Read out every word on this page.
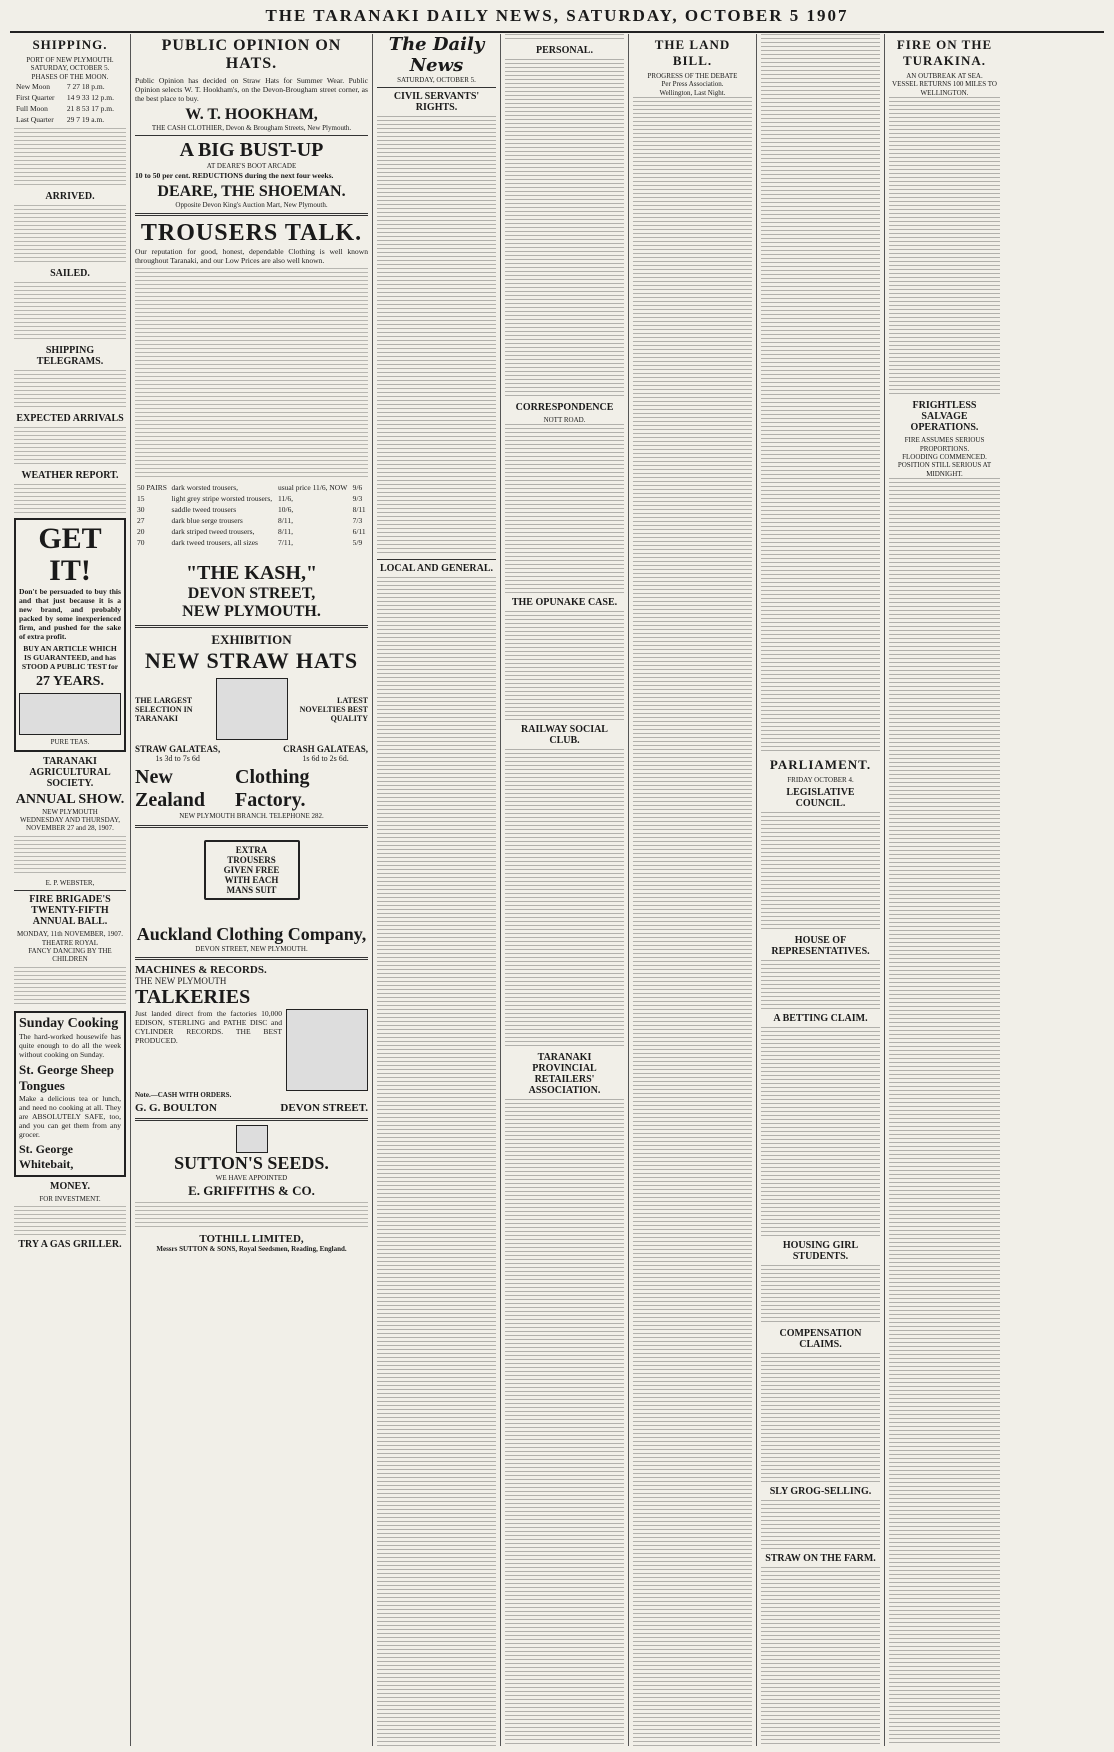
THE TARANAKI DAILY NEWS, SATURDAY, OCTOBER 5 1907
SHIPPING.
PORT OF NEW PLYMOUTH.
SATURDAY, OCTOBER 5.
PHASES OF THE MOON.
New Moon	7 27 18 p.m.
First Quarter	14 9 33 12 p.m.
Full Moon	21 8 53 17 p.m.
Last Quarter	29 7 19 a.m.
ARRIVED.
SAILED.
SHIPPING TELEGRAMS.
EXPECTED ARRIVALS
WEATHER REPORT.
GET IT!

Don't be persuaded to buy this and that just because it is a new brand, and probably packed by some inexperienced firm, and pushed for the sake of extra profit.

BUY AN ARTICLE WHICH IS GUARANTEED, and has STOOD A PUBLIC TEST for

27 YEARS.
PURE TEAS.
TARANAKI AGRICULTURAL SOCIETY.
ANNUAL SHOW.
NEW PLYMOUTH
WEDNESDAY AND THURSDAY, NOVEMBER 27 and 28, 1907.
E. P. WEBSTER,
FIRE BRIGADE'S TWENTY-FIFTH ANNUAL BALL.
MONDAY, 11th NOVEMBER, 1907.
THEATRE ROYAL
FANCY DANCING BY THE CHILDREN
Sunday Cooking

The hard-worked housewife has quite enough to do all the week without cooking on Sunday.

St. George Sheep Tongues

Make a delicious tea or lunch, and need no cooking at all. They are ABSOLUTELY SAFE, too, and you can get them from any grocer.

St. George Whitebait,
MONEY.
FOR INVESTMENT.
TRY A GAS GRILLER.
PUBLIC OPINION ON HATS.

Public Opinion has decided on Straw Hats for Summer Wear. Public Opinion selects W. T. Hookham's, on the Devon-Brougham street corner, as the best place to buy.

W. T. HOOKHAM,
THE CASH CLOTHIER, Devon & Brougham Streets, New Plymouth.
A BIG BUST-UP
AT DEARE'S BOOT ARCADE

10 to 50 per cent. REDUCTIONS during the next four weeks.

DEARE, THE SHOEMAN.
Opposite Devon King's Auction Mart, New Plymouth.
TROUSERS TALK.

Our reputation for good, honest, dependable Clothing is well known throughout Taranaki, and our Low Prices are also well known.

50 PAIRS	dark worsted trousers,	usual price 11/6, NOW	9/6
15	light grey stripe worsted trousers,	11/6,	9/3
30	saddle tweed trousers	10/6,	8/11
27	dark blue serge trousers	8/11,	7/3
20	dark striped tweed trousers,	8/11,	6/11
70	dark tweed trousers, all sizes	7/11,	5/9
"THE KASH,"
DEVON STREET,
NEW PLYMOUTH.
EXHIBITION
NEW STRAW HATS
THE LARGEST SELECTION IN TARANAKI
LATEST NOVELTIES BEST QUALITY
STRAW GALATEAS,
1s 3d to 7s 6d
CRASH GALATEAS,
1s 6d to 2s 6d.
New Zealand
Clothing Factory.
NEW PLYMOUTH BRANCH. TELEPHONE 282.
EXTRA TROUSERS GIVEN FREE WITH EACH MANS SUIT
Auckland Clothing Company,
DEVON STREET, NEW PLYMOUTH.
MACHINES & RECORDS.
THE NEW PLYMOUTH
TALKERIES

Just landed direct from the factories 10,000 EDISON, STERLING and PATHE DISC and CYLINDER RECORDS. THE BEST PRODUCED.

Note.—CASH WITH ORDERS.
G. G. BOULTON	DEVON STREET.
SUTTON'S SEEDS.
WE HAVE APPOINTED
E. GRIFFITHS & CO.
TOTHILL LIMITED,
Messrs SUTTON & SONS, Royal Seedsmen, Reading, England.
The Daily News
SATURDAY, OCTOBER 5.
CIVIL SERVANTS' RIGHTS.
LOCAL AND GENERAL.
PERSONAL.
CORRESPONDENCE
NOTT ROAD.
THE OPUNAKE CASE.
RAILWAY SOCIAL CLUB.
TARANAKI PROVINCIAL RETAILERS' ASSOCIATION.
THE LAND BILL.
PROGRESS OF THE DEBATE
Per Press Association.
Wellington, Last Night.
PARLIAMENT.
FRIDAY OCTOBER 4.
LEGISLATIVE COUNCIL.
HOUSE OF REPRESENTATIVES.
A BETTING CLAIM.
HOUSING GIRL STUDENTS.
COMPENSATION CLAIMS.
SLY GROG-SELLING.
STRAW ON THE FARM.
FIRE ON THE TURAKINA.
AN OUTBREAK AT SEA.
VESSEL RETURNS 100 MILES TO WELLINGTON.
FRIGHTLESS SALVAGE OPERATIONS.
FIRE ASSUMES SERIOUS PROPORTIONS.
FLOODING COMMENCED.
POSITION STILL SERIOUS AT MIDNIGHT.
